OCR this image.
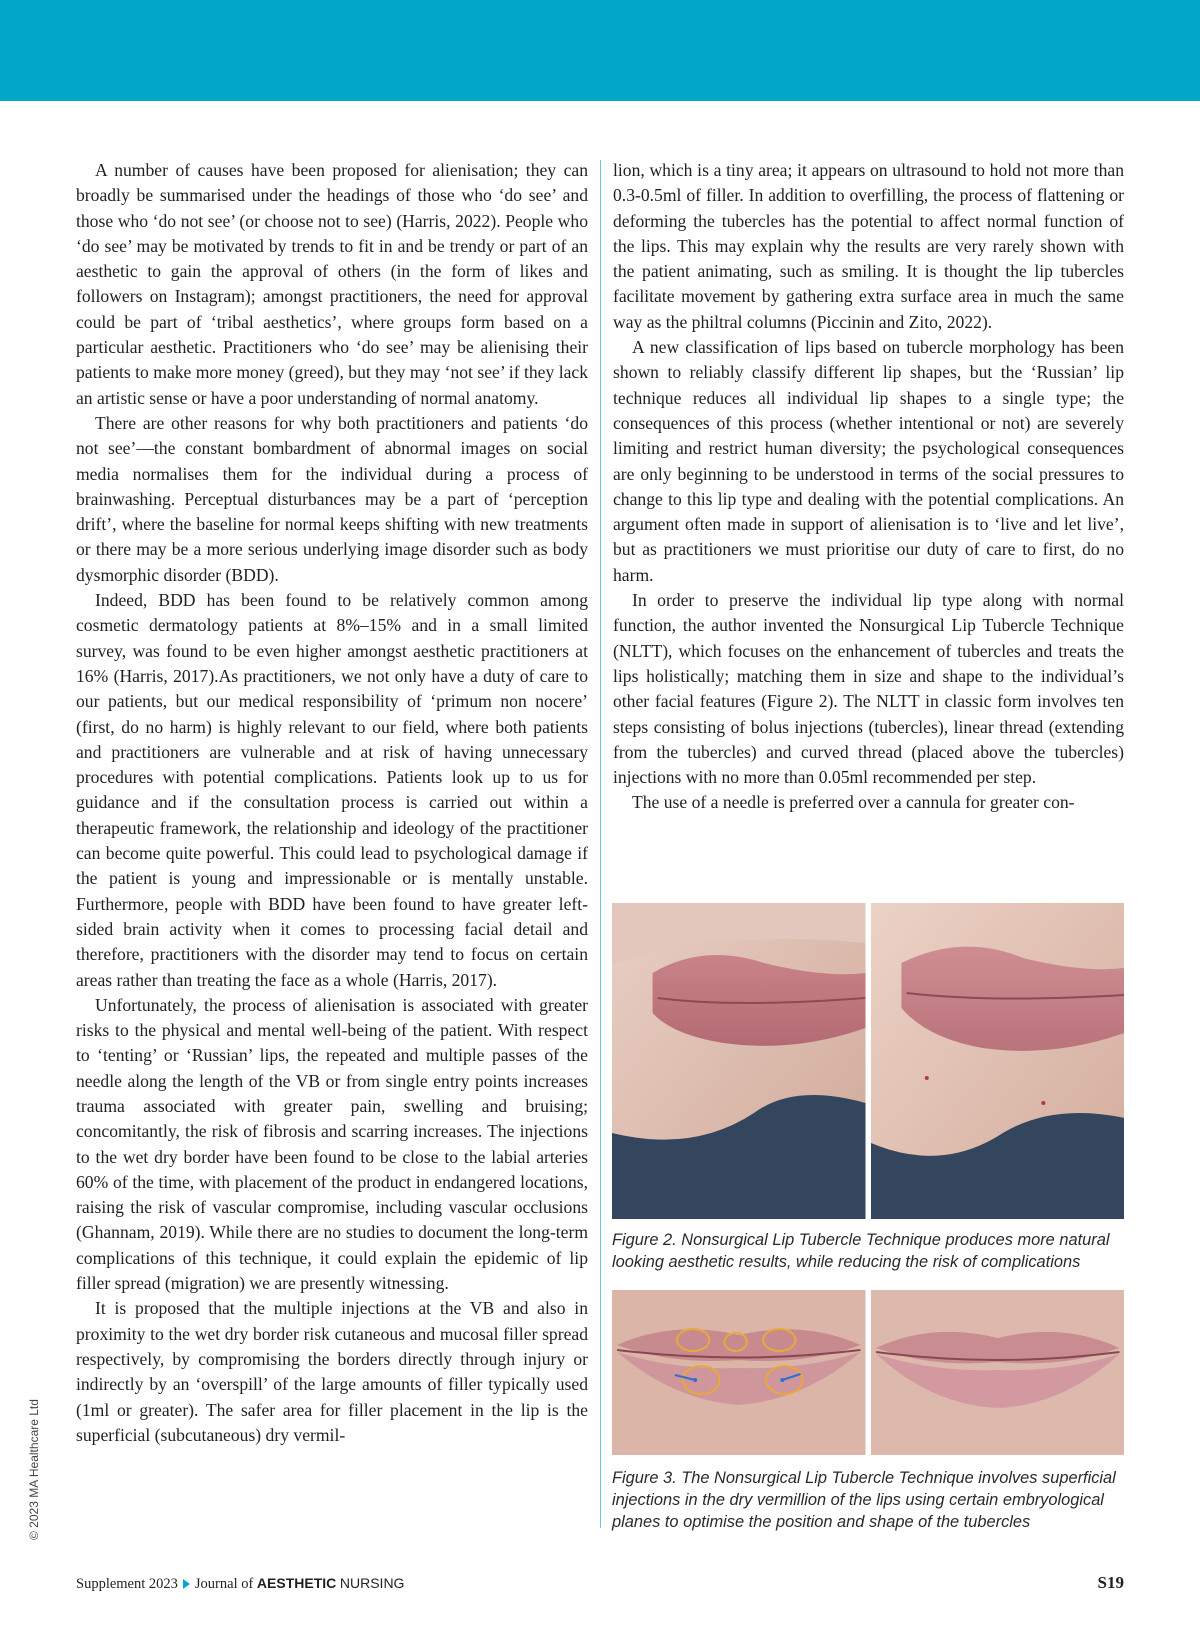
A number of causes have been proposed for alienisation; they can broadly be summarised under the headings of those who ‘do see’ and those who ‘do not see’ (or choose not to see) (Harris, 2022). People who ‘do see’ may be motivated by trends to fit in and be trendy or part of an aesthetic to gain the approval of others (in the form of likes and followers on Instagram); amongst practitioners, the need for approval could be part of ‘tribal aesthetics’, where groups form based on a particular aesthetic. Practitioners who ‘do see’ may be alienising their patients to make more money (greed), but they may ‘not see’ if they lack an artistic sense or have a poor understanding of normal anatomy.

There are other reasons for why both practitioners and patients ‘do not see’—the constant bombardment of abnormal images on social media normalises them for the individual during a process of brainwashing. Perceptual disturbances may be a part of ‘perception drift’, where the baseline for normal keeps shifting with new treatments or there may be a more serious underlying image disorder such as body dysmorphic disorder (BDD).

Indeed, BDD has been found to be relatively common among cosmetic dermatology patients at 8%–15% and in a small limited survey, was found to be even higher amongst aesthetic practitioners at 16% (Harris, 2017).As practitioners, we not only have a duty of care to our patients, but our medical responsibility of ‘primum non nocere’ (first, do no harm) is highly relevant to our field, where both patients and practitioners are vulnerable and at risk of having unnecessary procedures with potential complications. Patients look up to us for guidance and if the consultation process is carried out within a therapeutic framework, the relationship and ideology of the practitioner can become quite powerful. This could lead to psychological damage if the patient is young and impressionable or is mentally unstable. Furthermore, people with BDD have been found to have greater left-sided brain activity when it comes to processing facial detail and therefore, practitioners with the disorder may tend to focus on certain areas rather than treating the face as a whole (Harris, 2017).

Unfortunately, the process of alienisation is associated with greater risks to the physical and mental well-being of the patient. With respect to ‘tenting’ or ‘Russian’ lips, the repeated and multiple passes of the needle along the length of the VB or from single entry points increases trauma associated with greater pain, swelling and bruising; concomitantly, the risk of fibrosis and scarring increases. The injections to the wet dry border have been found to be close to the labial arteries 60% of the time, with placement of the product in endangered locations, raising the risk of vascular compromise, including vascular occlusions (Ghannam, 2019). While there are no studies to document the long-term complications of this technique, it could explain the epidemic of lip filler spread (migration) we are presently witnessing.

It is proposed that the multiple injections at the VB and also in proximity to the wet dry border risk cutaneous and mucosal filler spread respectively, by compromising the borders directly through injury or indirectly by an ‘overspill’ of the large amounts of filler typically used (1ml or greater). The safer area for filler placement in the lip is the superficial (subcutaneous) dry vermil-

lion, which is a tiny area; it appears on ultrasound to hold not more than 0.3-0.5ml of filler. In addition to overfilling, the process of flattening or deforming the tubercles has the potential to affect normal function of the lips. This may explain why the results are very rarely shown with the patient animating, such as smiling. It is thought the lip tubercles facilitate movement by gathering extra surface area in much the same way as the philtral columns (Piccinin and Zito, 2022).

A new classification of lips based on tubercle morphology has been shown to reliably classify different lip shapes, but the ‘Russian’ lip technique reduces all individual lip shapes to a single type; the consequences of this process (whether intentional or not) are severely limiting and restrict human diversity; the psychological consequences are only beginning to be understood in terms of the social pressures to change to this lip type and dealing with the potential complications. An argument often made in support of alienisation is to ‘live and let live’, but as practitioners we must prioritise our duty of care to first, do no harm.

In order to preserve the individual lip type along with normal function, the author invented the Nonsurgical Lip Tubercle Technique (NLTT), which focuses on the enhancement of tubercles and treats the lips holistically; matching them in size and shape to the individual’s other facial features (Figure 2). The NLTT in classic form involves ten steps consisting of bolus injections (tubercles), linear thread (extending from the tubercles) and curved thread (placed above the tubercles) injections with no more than 0.05ml recommended per step.

The use of a needle is preferred over a cannula for greater con-

Figure 2. Nonsurgical Lip Tubercle Technique produces more natural looking aesthetic results, while reducing the risk of complications
Figure 3. The Nonsurgical Lip Tubercle Technique involves superficial injections in the dry vermillion of the lips using certain embryological planes to optimise the position and shape of the tubercles
© 2023 MA Healthcare Ltd
Supplement 2023 Journal of AESTHETIC NURSING	S19
